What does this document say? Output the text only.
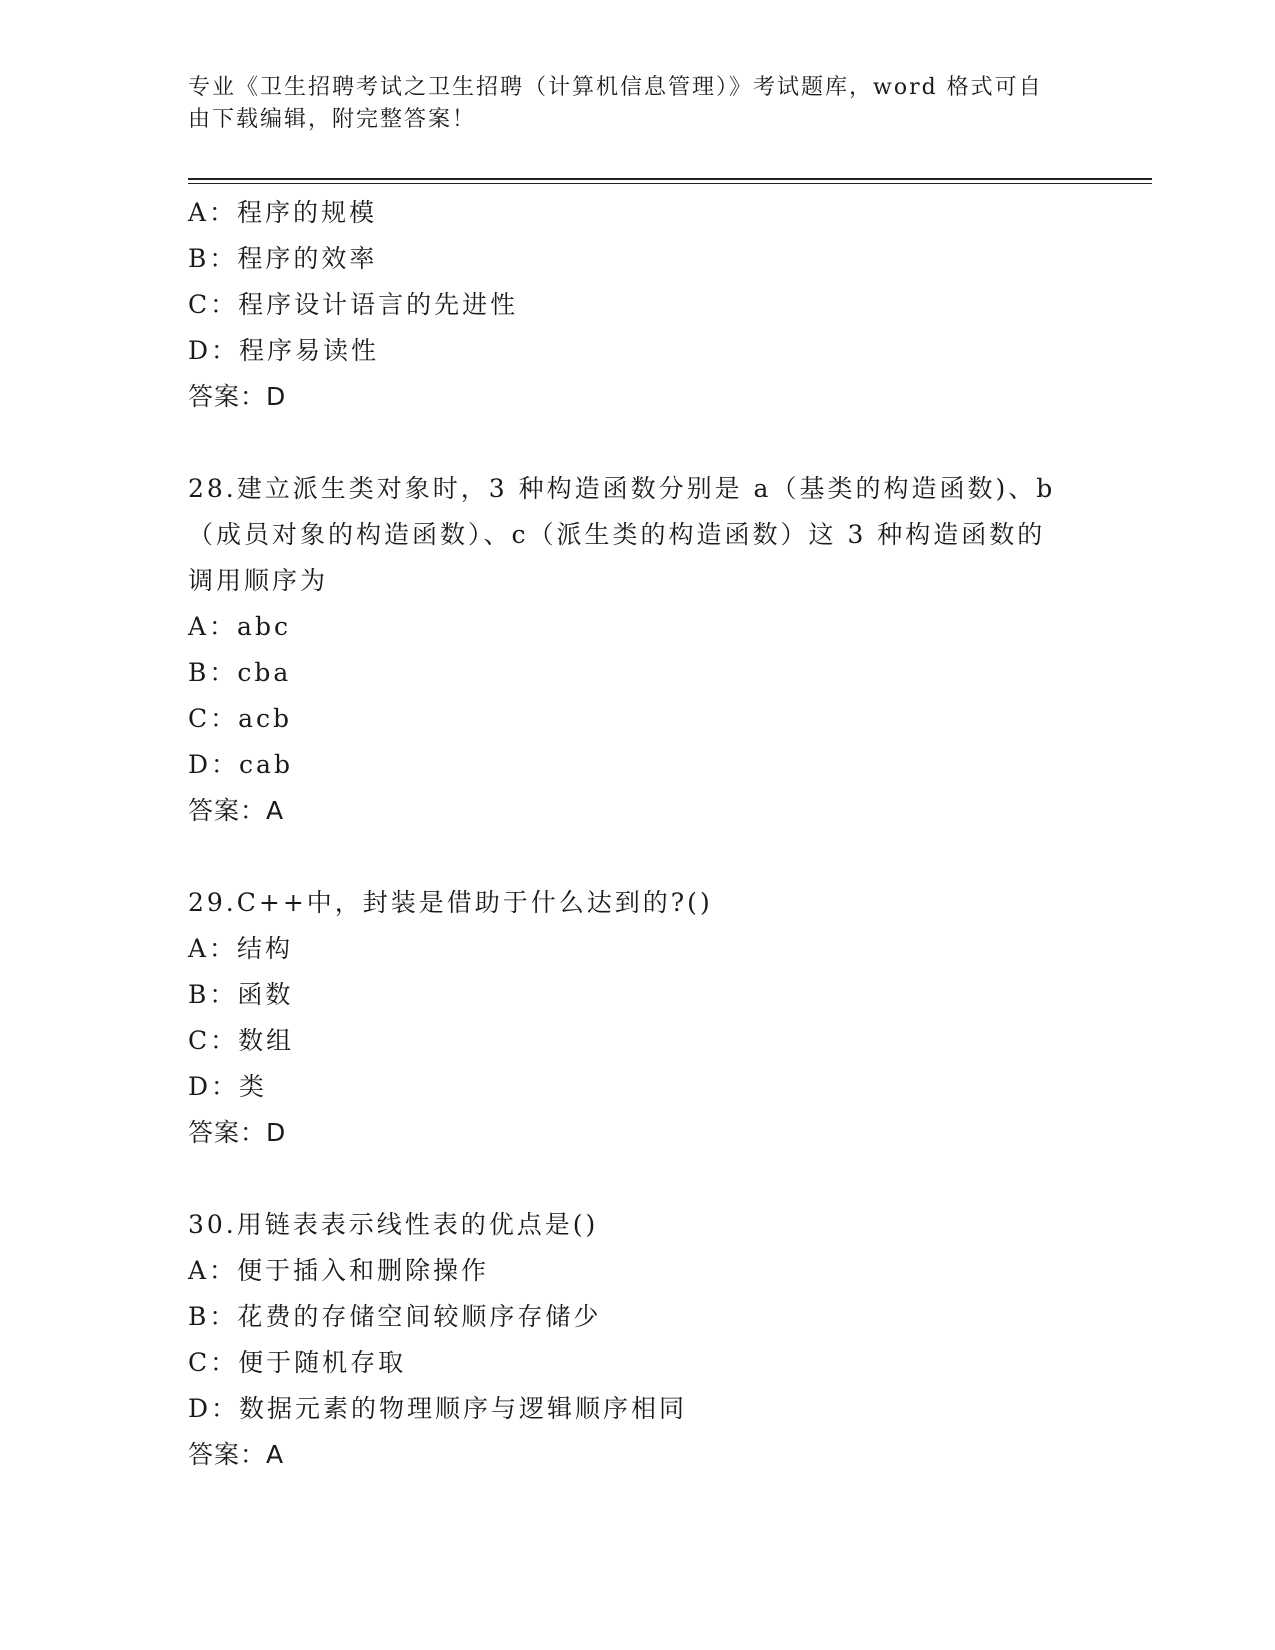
专业《卫生招聘考试之卫生招聘（计算机信息管理）》考试题库，word 格式可自
由下载编辑，附完整答案！
A：程序的规模
B：程序的效率
C：程序设计语言的先进性
D：程序易读性
答案：D
28.建立派生类对象时，3 种构造函数分别是 a（基类的构造函数)、b
（成员对象的构造函数）、c（派生类的构造函数）这 3 种构造函数的
调用顺序为
A：abc
B：cba
C：acb
D：cab
答案：A
29.C++中，封装是借助于什么达到的?()
A：结构
B：函数
C：数组
D：类
答案：D
30.用链表表示线性表的优点是()
A：便于插入和删除操作
B：花费的存储空间较顺序存储少
C：便于随机存取
D：数据元素的物理顺序与逻辑顺序相同
答案：A
